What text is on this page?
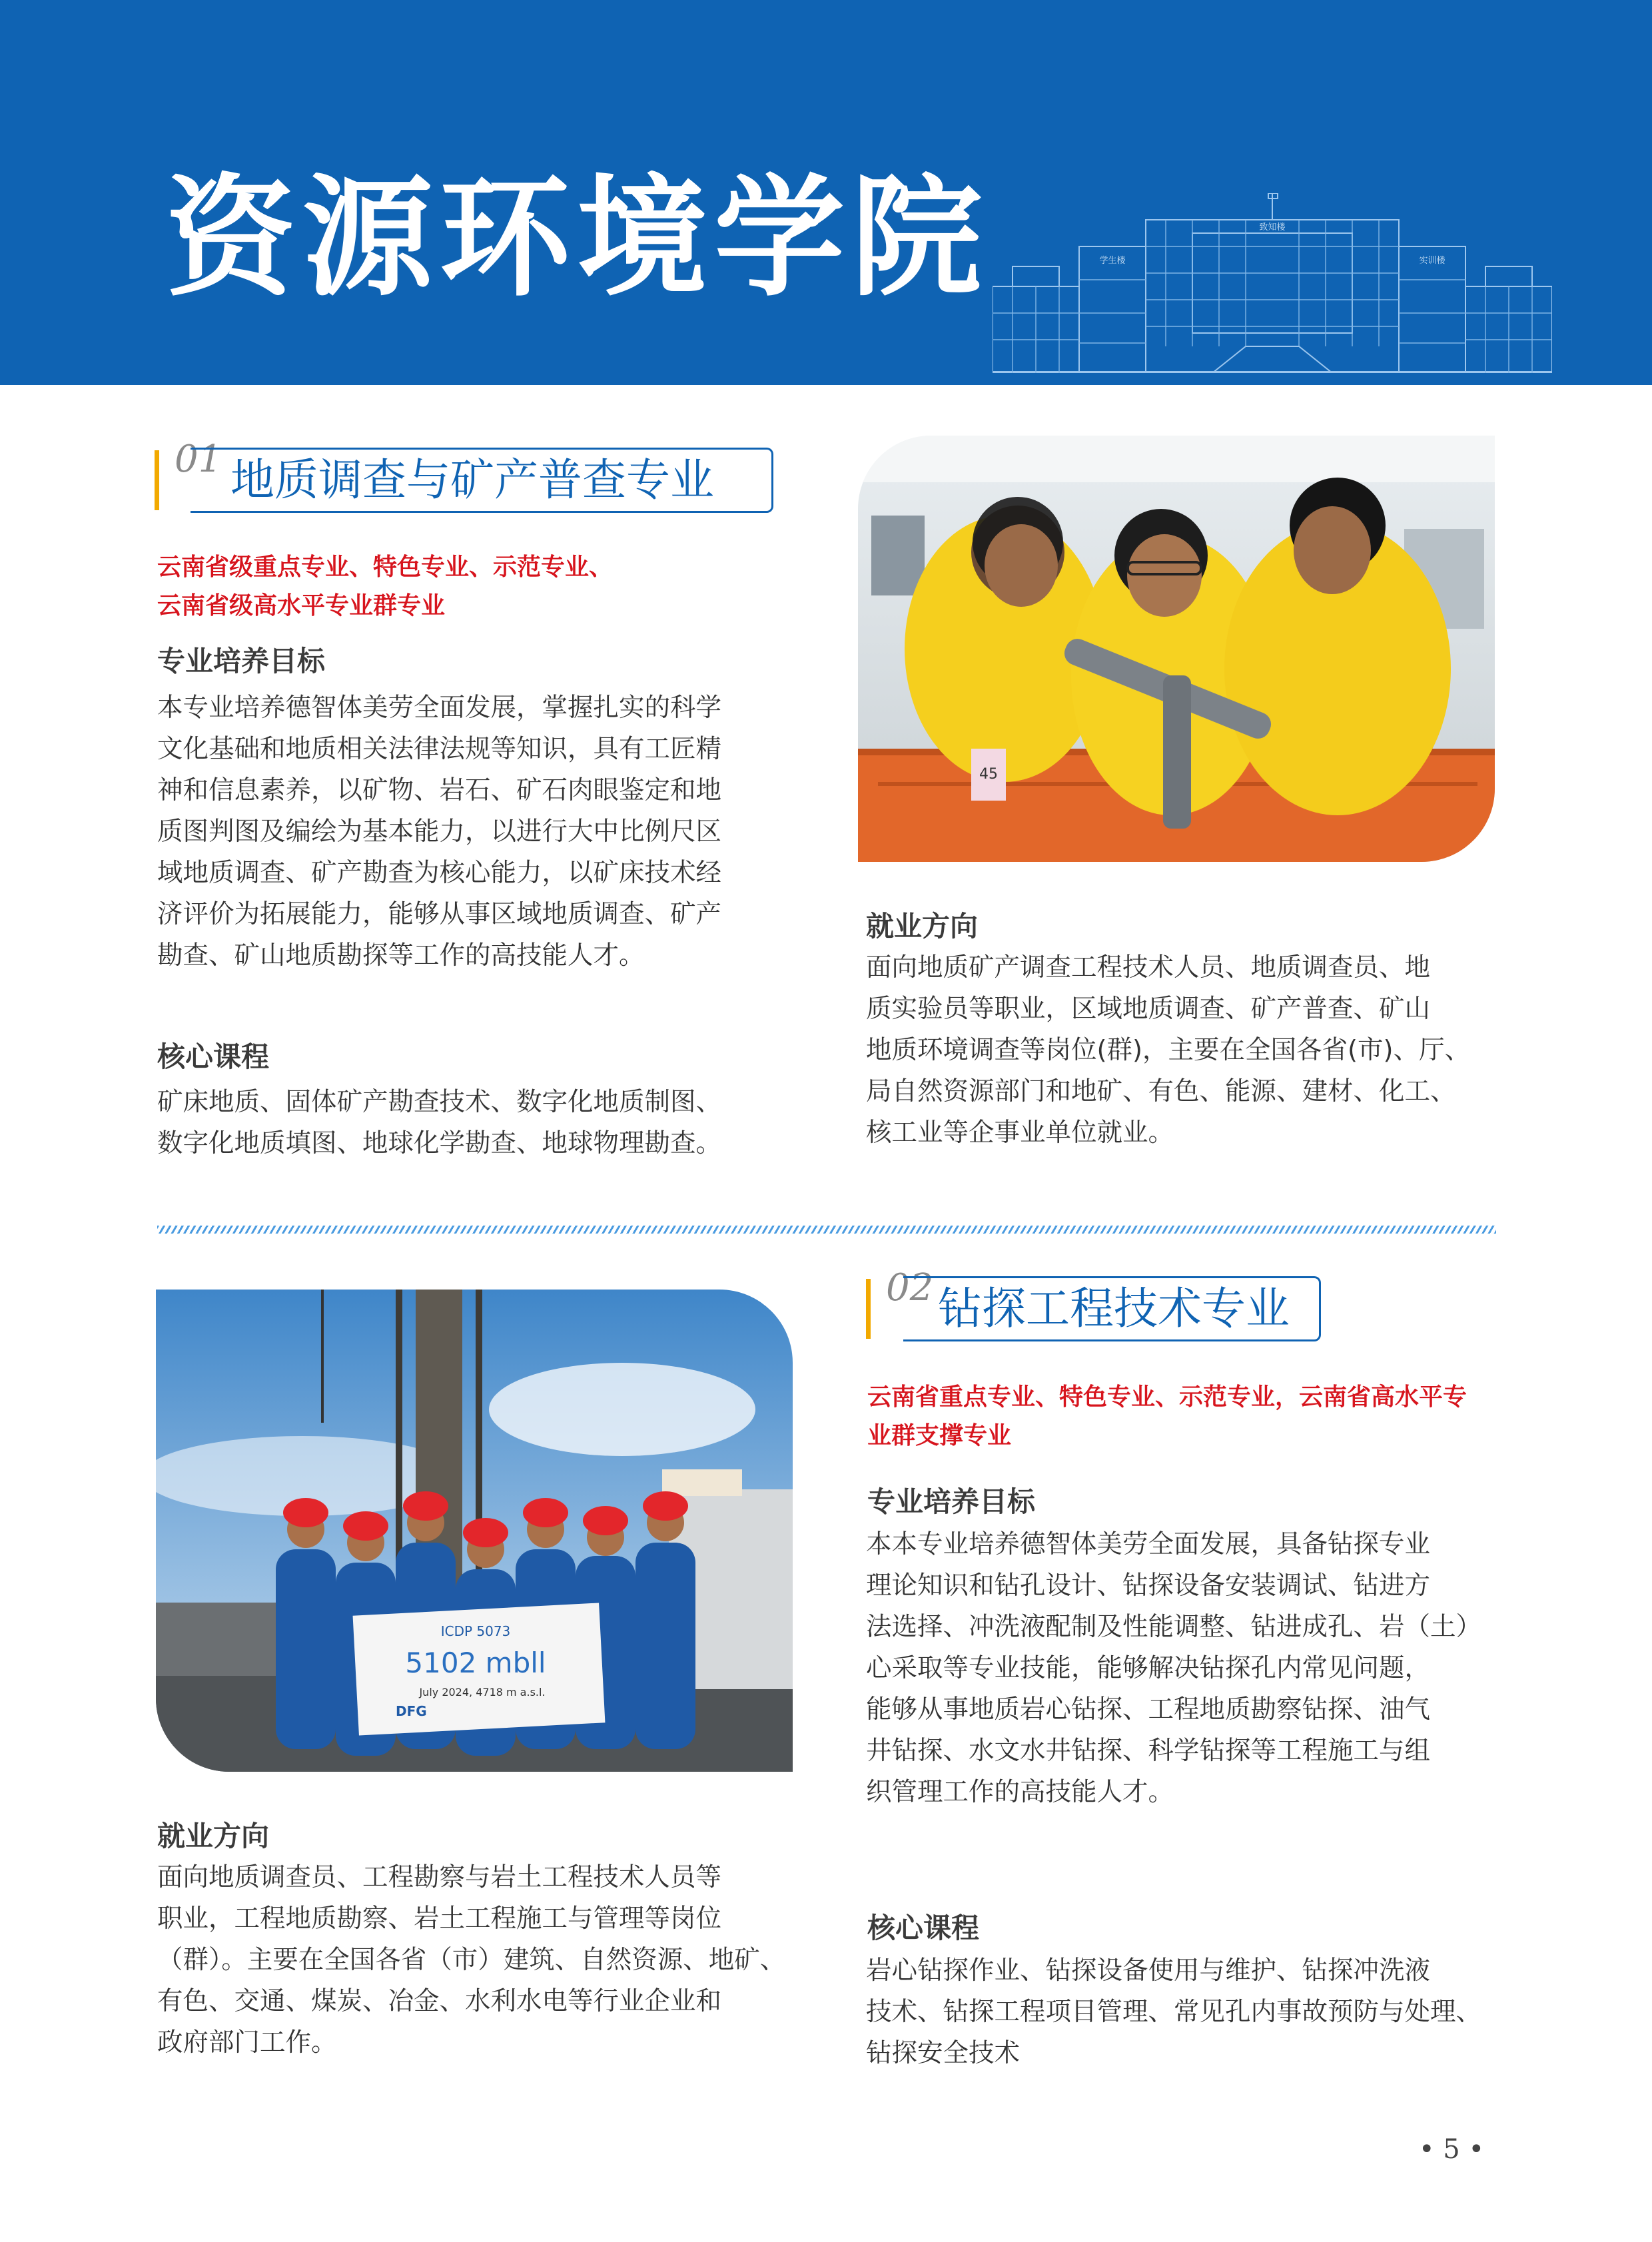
资源环境学院	学生楼
致知楼
实训楼
01 地质调查与矿产普查专业
云南省级重点专业、特色专业、示范专业、
云南省级高水平专业群专业
专业培养目标
本专业培养德智体美劳全面发展，掌握扎实的科学
文化基础和地质相关法律法规等知识，具有工匠精
神和信息素养，以矿物、岩石、矿石肉眼鉴定和地
质图判图及编绘为基本能力，以进行大中比例尺区
域地质调查、矿产勘查为核心能力，以矿床技术经
济评价为拓展能力，能够从事区域地质调查、矿产
勘查、矿山地质勘探等工作的高技能人才。
核心课程
矿床地质、固体矿产勘查技术、数字化地质制图、
数字化地质填图、地球化学勘查、地球物理勘查。
45
就业方向
面向地质矿产调查工程技术人员、地质调查员、地
质实验员等职业，区域地质调查、矿产普查、矿山
地质环境调查等岗位(群)，主要在全国各省(市)、厅、
局自然资源部门和地矿、有色、能源、建材、化工、
核工业等企事业单位就业。
ICDP 5073
5102 mbll
July 2024, 4718 m a.s.l.
DFG
就业方向
面向地质调查员、工程勘察与岩土工程技术人员等
职业，工程地质勘察、岩土工程施工与管理等岗位
（群）。主要在全国各省（市）建筑、自然资源、地矿、
有色、交通、煤炭、冶金、水利水电等行业企业和
政府部门工作。
02 钻探工程技术专业
云南省重点专业、特色专业、示范专业，云南省高水平专
业群支撑专业
专业培养目标
本本专业培养德智体美劳全面发展，具备钻探专业
理论知识和钻孔设计、钻探设备安装调试、钻进方
法选择、冲洗液配制及性能调整、钻进成孔、岩（土）
心采取等专业技能，能够解决钻探孔内常见问题，
能够从事地质岩心钻探、工程地质勘察钻探、油气
井钻探、水文水井钻探、科学钻探等工程施工与组
织管理工作的高技能人才。
核心课程
岩心钻探作业、钻探设备使用与维护、钻探冲洗液
技术、钻探工程项目管理、常见孔内事故预防与处理、
钻探安全技术
• 5 •
